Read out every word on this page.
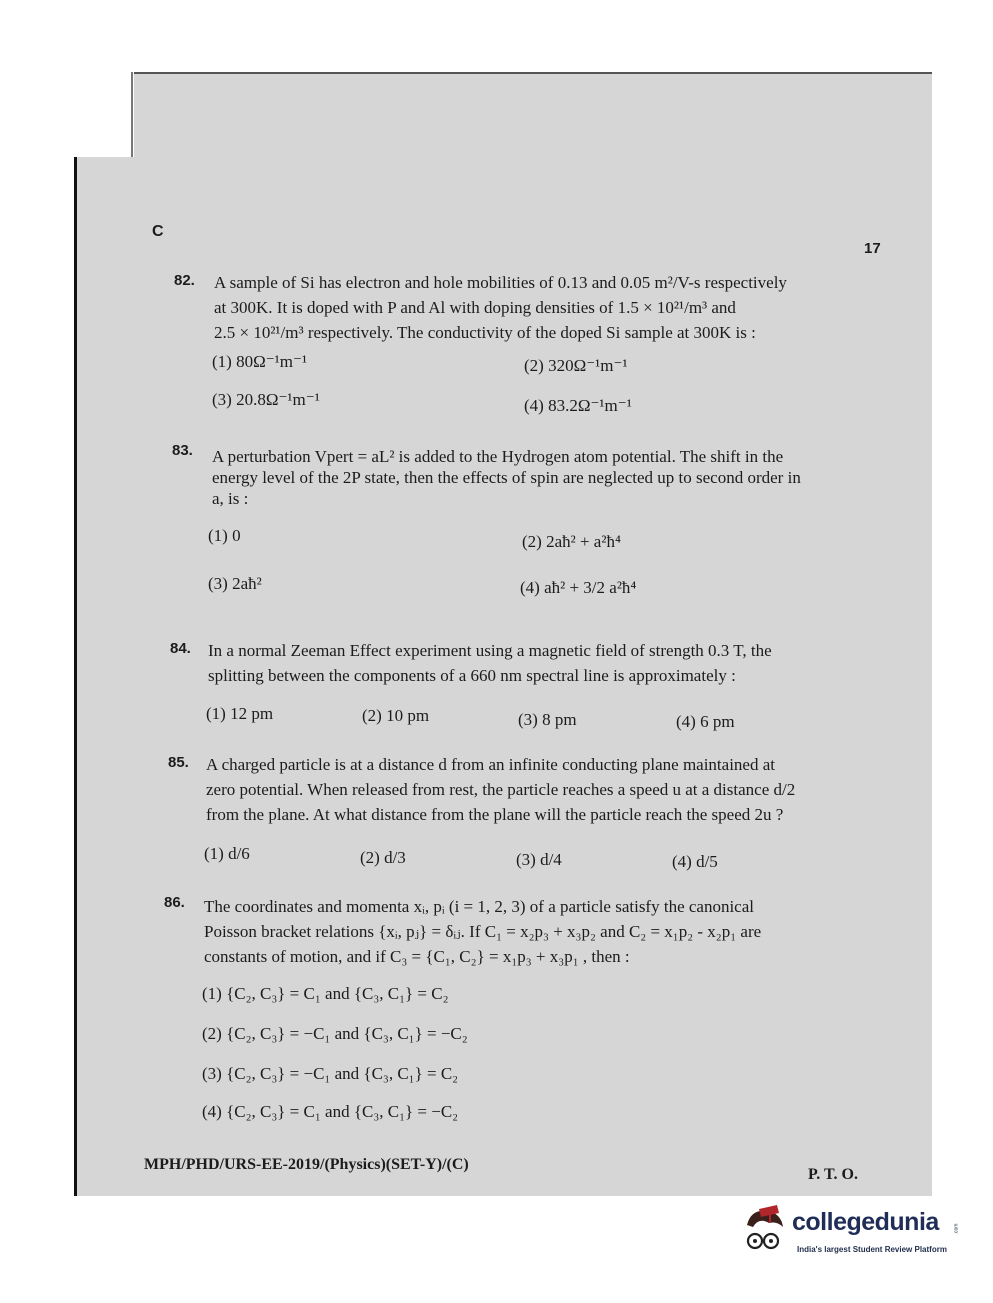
C
17
82. A sample of Si has electron and hole mobilities of 0.13 and 0.05 m²/V-s respectively
at 300K. It is doped with P and Al with doping densities of 1.5 × 10²¹/m³ and
2.5 × 10²¹/m³ respectively. The conductivity of the doped Si sample at 300K is :
(1) 80Ω⁻¹m⁻¹	(2) 320Ω⁻¹m⁻¹
(3) 20.8Ω⁻¹m⁻¹	(4) 83.2Ω⁻¹m⁻¹
83. A perturbation Vpert = aL² is added to the Hydrogen atom potential. The shift in the
energy level of the 2P state, then the effects of spin are neglected up to second order in
a, is :
(1) 0	(2) 2aħ² + a²ħ⁴
(3) 2aħ²	(4) aħ² + 3/2 a²ħ⁴
84. In a normal Zeeman Effect experiment using a magnetic field of strength 0.3 T, the
splitting between the components of a 660 nm spectral line is approximately :
(1) 12 pm	(2) 10 pm	(3) 8 pm	(4) 6 pm
85. A charged particle is at a distance d from an infinite conducting plane maintained at
zero potential. When released from rest, the particle reaches a speed u at a distance d/2
from the plane. At what distance from the plane will the particle reach the speed 2u ?
(1) d/6	(2) d/3	(3) d/4	(4) d/5
86. The coordinates and momenta xᵢ, pᵢ (i = 1, 2, 3) of a particle satisfy the canonical
Poisson bracket relations {xᵢ, pⱼ} = δᵢⱼ. If C₁ = x₂p₃ + x₃p₂ and C₂ = x₁p₂ - x₂p₁ are
constants of motion, and if C₃ = {C₁, C₂} = x₁p₃ + x₃p₁ , then :
(1) {C₂, C₃} = C₁ and {C₃, C₁} = C₂
(2) {C₂, C₃} = −C₁ and {C₃, C₁} = −C₂
(3) {C₂, C₃} = −C₁ and {C₃, C₁} = C₂
(4) {C₂, C₃} = C₁ and {C₃, C₁} = −C₂
MPH/PHD/URS-EE-2019/(Physics)(SET-Y)/(C)
P. T. O.
collegedunia	.com
India's largest Student Review Platform
